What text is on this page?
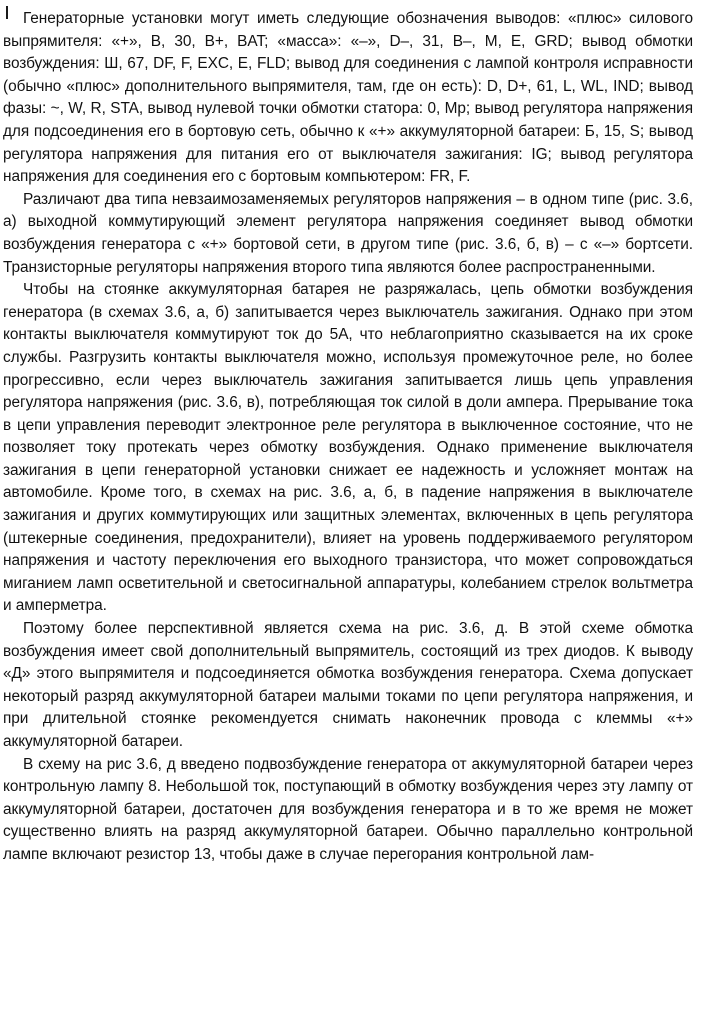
Генераторные установки могут иметь следующие обозначения выводов: «плюс» силового выпрямителя: «+», В, 30, В+, BAT; «масса»: «–», D–, 31, В–, М, Е, GRD; вывод обмотки возбуждения: Ш, 67, DF, F, EXC, E, FLD; вывод для соединения с лампой контроля исправности (обычно «плюс» дополнительного выпрямителя, там, где он есть): D, D+, 61, L, WL, IND; вывод фазы: ~, W, R, STA, вывод нулевой точки обмотки статора: 0, Mр; вывод регулятора напряжения для подсоединения его в бортовую сеть, обычно к «+» аккумуляторной батареи: Б, 15, S; вывод регулятора напряжения для питания его от выключателя зажигания: IG; вывод регулятора напряжения для соединения его с бортовым компьютером: FR, F.

Различают два типа невзаимозаменяемых регуляторов напряжения – в одном типе (рис. 3.6, а) выходной коммутирующий элемент регулятора напряжения соединяет вывод обмотки возбуждения генератора с «+» бортовой сети, в другом типе (рис. 3.6, б, в) – с «–» бортсети. Транзисторные регуляторы напряжения второго типа являются более распространенными.

Чтобы на стоянке аккумуляторная батарея не разряжалась, цепь обмотки возбуждения генератора (в схемах 3.6, а, б) запитывается через выключатель зажигания. Однако при этом контакты выключателя коммутируют ток до 5А, что неблагоприятно сказывается на их сроке службы. Разгрузить контакты выключателя можно, используя промежуточное реле, но более прогрессивно, если через выключатель зажигания запитывается лишь цепь управления регулятора напряжения (рис. 3.6, в), потребляющая ток силой в доли ампера. Прерывание тока в цепи управления переводит электронное реле регулятора в выключенное состояние, что не позволяет току протекать через обмотку возбуждения. Однако применение выключателя зажигания в цепи генераторной установки снижает ее надежность и усложняет монтаж на автомобиле. Кроме того, в схемах на рис. 3.6, а, б, в падение напряжения в выключателе зажигания и других коммутирующих или защитных элементах, включенных в цепь регулятора (штекерные соединения, предохранители), влияет на уровень поддерживаемого регулятором напряжения и частоту переключения его выходного транзистора, что может сопровождаться миганием ламп осветительной и светосигнальной аппаратуры, колебанием стрелок вольтметра и амперметра.

Поэтому более перспективной является схема на рис. 3.6, д. В этой схеме обмотка возбуждения имеет свой дополнительный выпрямитель, состоящий из трех диодов. К выводу «Д» этого выпрямителя и подсоединяется обмотка возбуждения генератора. Схема допускает некоторый разряд аккумуляторной батареи малыми токами по цепи регулятора напряжения, и при длительной стоянке рекомендуется снимать наконечник провода с клеммы «+» аккумуляторной батареи.

В схему на рис 3.6, д введено подвозбуждение генератора от аккумуляторной батареи через контрольную лампу 8. Небольшой ток, поступающий в обмотку возбуждения через эту лампу от аккумуляторной батареи, достаточен для возбуждения генератора и в то же время не может существенно влиять на разряд аккумуляторной батареи. Обычно параллельно контрольной лампе включают резистор 13, чтобы даже в случае перегорания контрольной лам-
